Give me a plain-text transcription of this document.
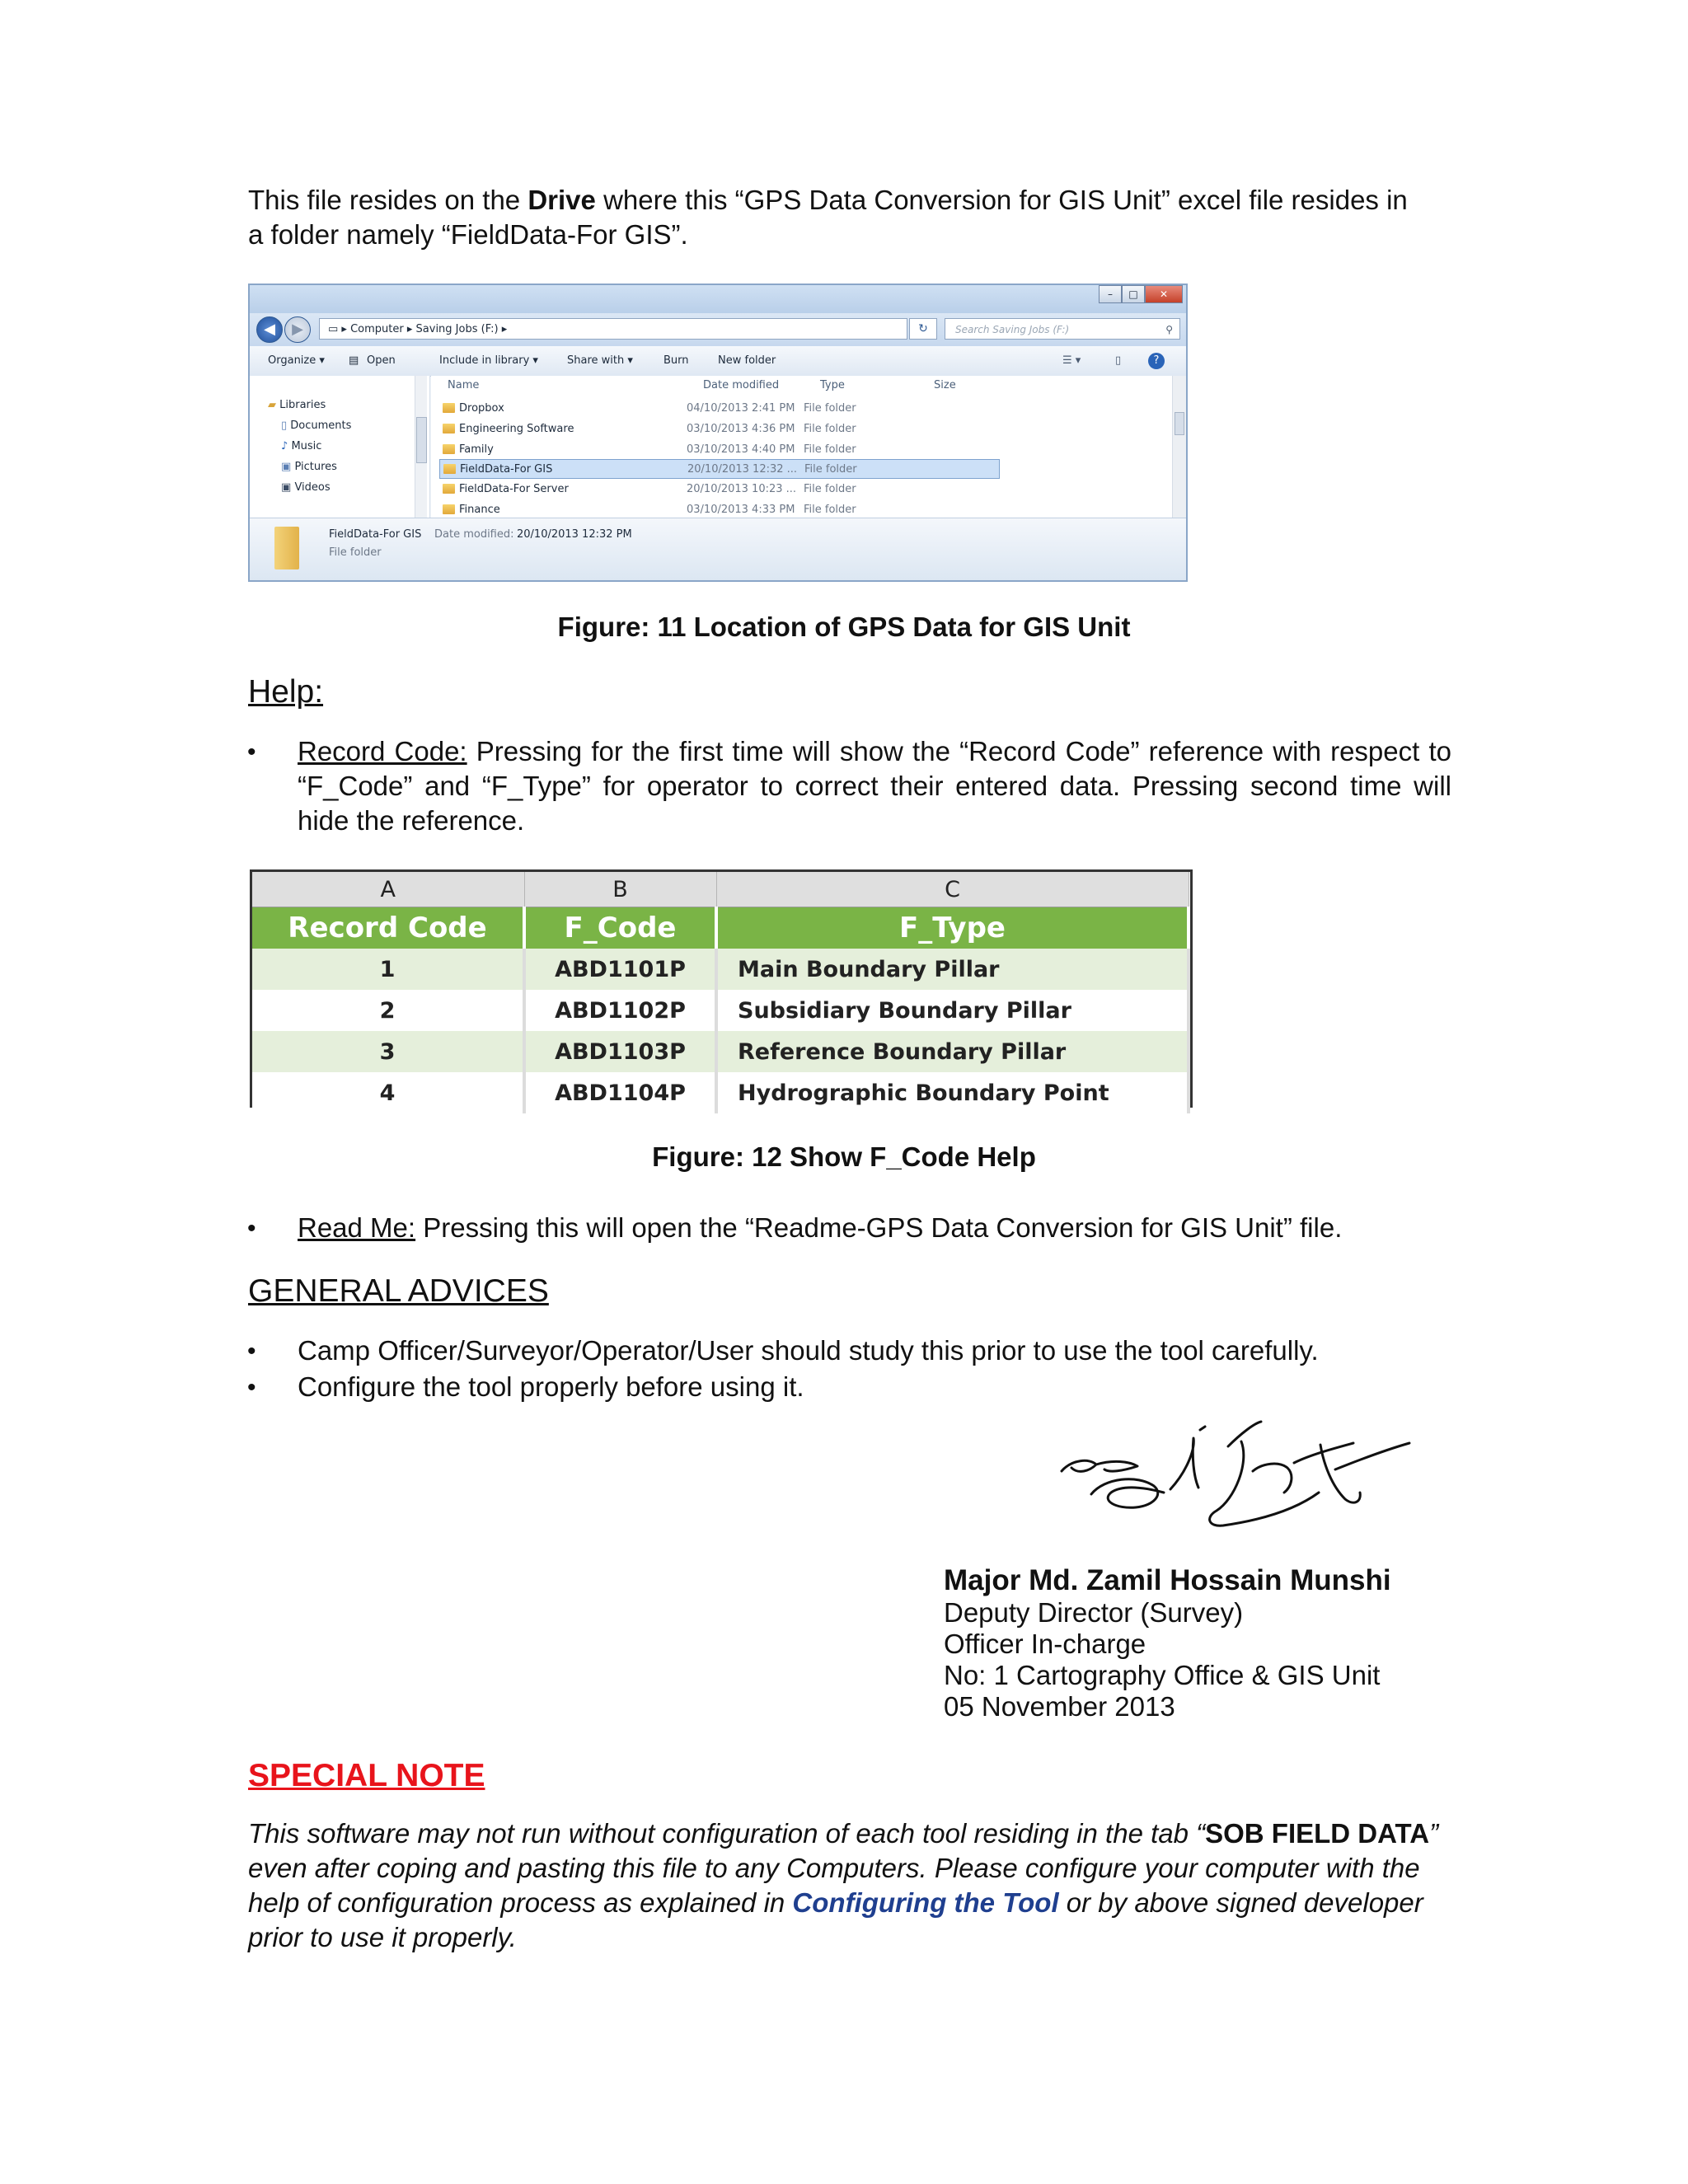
This file resides on the Drive where this “GPS Data Conversion for GIS Unit” excel file resides in
a folder namely “FieldData-For GIS”.
–	□	✕
◀	▶	▭ ▸ Computer ▸ Saving Jobs (F:) ▸	↻	Search Saving Jobs (F:)	⚲
Organize ▾ ▤ Open	Include in library ▾	Share with ▾	Burn	New folder	☰ ▾	▯	?
▰ Libraries
▯ Documents
♪ Music
▣ Pictures
▣ Videos
Name	Date modified	Type	Size
Dropbox	04/10/2013 2:41 PM File folder
Engineering Software	03/10/2013 4:36 PM File folder
Family	03/10/2013 4:40 PM File folder
FieldData-For GIS	20/10/2013 12:32 ... File folder
FieldData-For Server	20/10/2013 10:23 ... File folder
Finance	03/10/2013 4:33 PM File folder
FieldData-For GIS Date modified: 20/10/2013 12:32 PM
File folder
Figure: 11 Location of GPS Data for GIS Unit
Help:
• Record Code: Pressing for the first time will show the “Record Code” reference with respect to
“F_Code” and “F_Type” for operator to correct their entered data. Pressing second time will
hide the reference.
A	B	C
Record Code	F_Code	F_Type
1	ABD1101P	Main Boundary Pillar
2	ABD1102P	Subsidiary Boundary Pillar
3	ABD1103P	Reference Boundary Pillar
4	ABD1104P	Hydrographic Boundary Point
Figure: 12 Show F_Code Help
• Read Me: Pressing this will open the “Readme-GPS Data Conversion for GIS Unit” file.
GENERAL ADVICES
• Camp Officer/Surveyor/Operator/User should study this prior to use the tool carefully.
• Configure the tool properly before using it.
Major Md. Zamil Hossain Munshi
Deputy Director (Survey)
Officer In-charge
No: 1 Cartography Office & GIS Unit
05 November 2013
SPECIAL NOTE
This software may not run without configuration of each tool residing in the tab “SOB FIELD DATA”
even after coping and pasting this file to any Computers. Please configure your computer with the
help of configuration process as explained in Configuring the Tool or by above signed developer
prior to use it properly.
